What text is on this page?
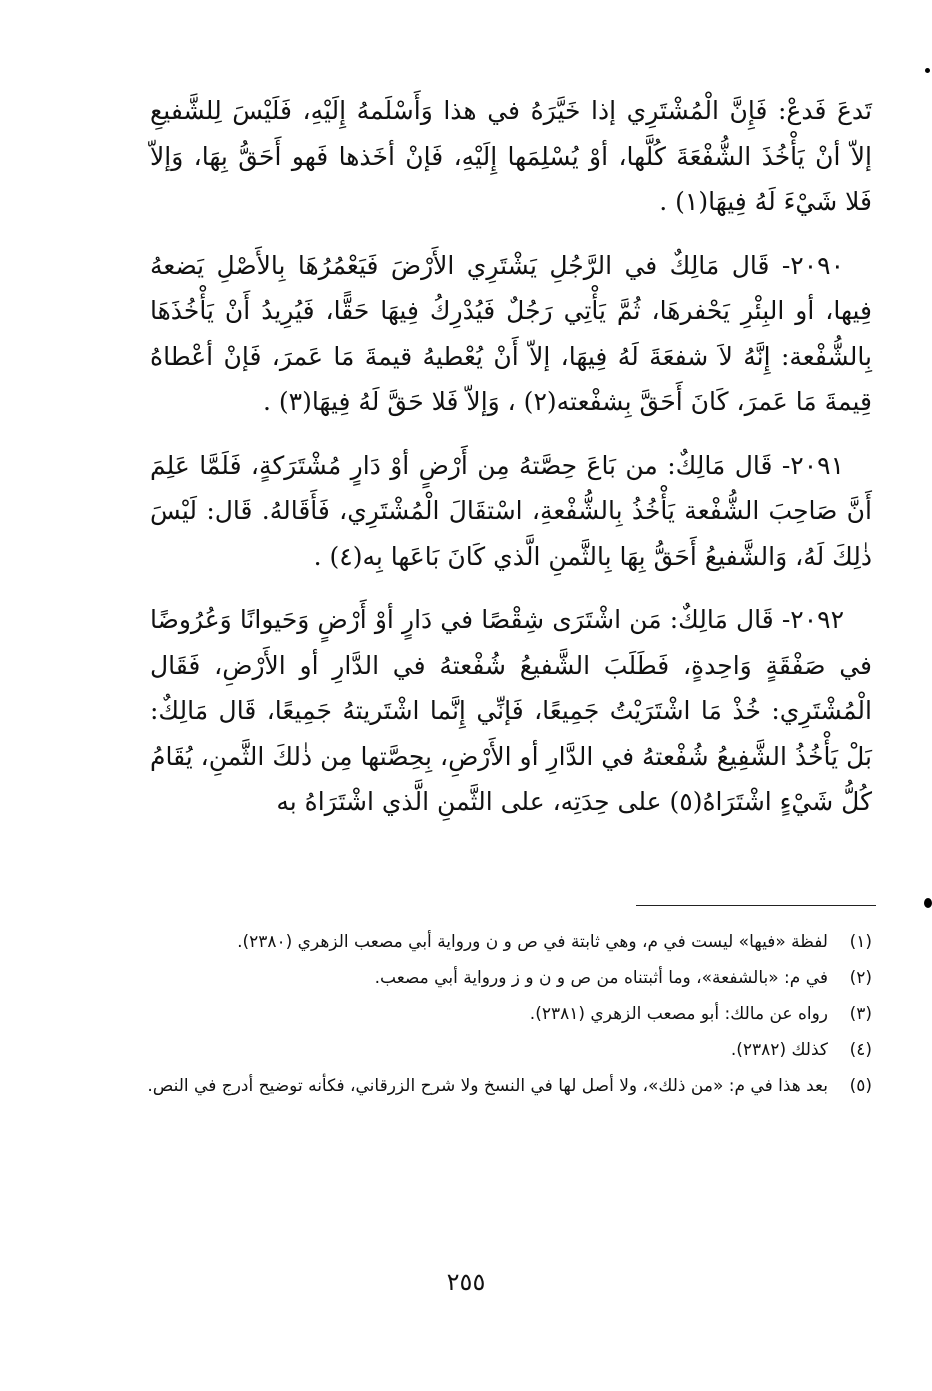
تَدعَ فَدعْ: فَإِنَّ الْمُشْتَرِي إذا خَيَّرَهُ في هذا وَأَسْلَمهُ إِلَيْهِ، فَلَيْسَ لِلشَّفيعِ إلاّ أنْ يَأْخُذَ الشُّفْعَةَ كُلَّها، أوْ يُسْلِمَها إِلَيْهِ، فَإنْ أخَذها فَهو أَحَقُّ بِهَا، وَإلاّ فَلا شَيْءَ لَهُ فِيهَا(١) .

٢٠٩٠- قَال مَالِكٌ في الرَّجُلِ يَشْتَرِي الأَرْضَ فَيَعْمُرُهَا بِالأَصْلِ يَضعهُ فِيها، أو البِئْرِ يَحْفرهَا، ثُمَّ يَأْتِي رَجُلٌ فَيُدْرِكُ فِيهَا حَقًّا، فَيُرِيدُ أَنْ يَأْخُذَهَا بِالشُّفْعة: إِنَّهُ لاَ شفعَةَ لَهُ فِيهَا، إلاّ أَنْ يُعْطيهُ قيمةَ مَا عَمرَ، فَإنْ أعْطاهُ قِيمةَ مَا عَمرَ، كَانَ أَحَقَّ بِشفْعته(٢) ، وَإلاّ فَلا حَقَّ لَهُ فِيهَا(٣) .

٢٠٩١- قَال مَالِكٌ: من بَاعَ حِصَّتهُ مِن أَرْضٍ أوْ دَارٍ مُشْتَرَكةٍ، فَلَمَّا عَلِمَ أَنَّ صَاحِبَ الشُّفْعة يَأْخُذُ بِالشُّفْعةِ، اسْتقَالَ الْمُشْتَرِي، فَأَقَالهُ. قَال: لَيْسَ ذٰلِكَ لَهُ، وَالشَّفيعُ أَحَقُّ بِهَا بِالثَّمنِ الَّذي كَانَ بَاعَها بِه(٤) .

٢٠٩٢- قَال مَالِكٌ: مَن اشْتَرَى شِقْصًا في دَارٍ أوْ أَرْضٍ وَحَيوانًا وَعُرُوضًا في صَفْقَةٍ وَاحِدةٍ، فَطَلَبَ الشَّفيعُ شُفْعتهُ في الدَّارِ أو الأَرْضِ، فَقَال الْمُشْتَرِي: خُذْ مَا اشْتَرَيْتُ جَمِيعًا، فَإنِّي إِنَّما اشْتَريتهُ جَمِيعًا، قَال مَالِكٌ: بَلْ يَأْخُذُ الشَّفِيعُ شُفْعتهُ في الدَّارِ أو الأَرْضِ، بِحِصَّتها مِن ذٰلكَ الثَّمنِ، يُقَامُ كُلُّ شَيْءٍ اشْتَرَاهُ(٥) على حِدَتِه، على الثَّمنِ الَّذي اشْتَرَاهُ به

(١)
لفظة «فيها» ليست في م، وهي ثابتة في ص و ن ورواية أبي مصعب الزهري (٢٣٨٠).
(٢)
في م: «بالشفعة»، وما أثبتناه من ص و ن و ز ورواية أبي مصعب.
(٣)
رواه عن مالك: أبو مصعب الزهري (٢٣٨١).
(٤)
كذلك (٢٣٨٢).
(٥)
بعد هذا في م: «من ذلك»، ولا أصل لها في النسخ ولا شرح الزرقاني، فكأنه توضيح أدرج في النص.
٢٥٥
